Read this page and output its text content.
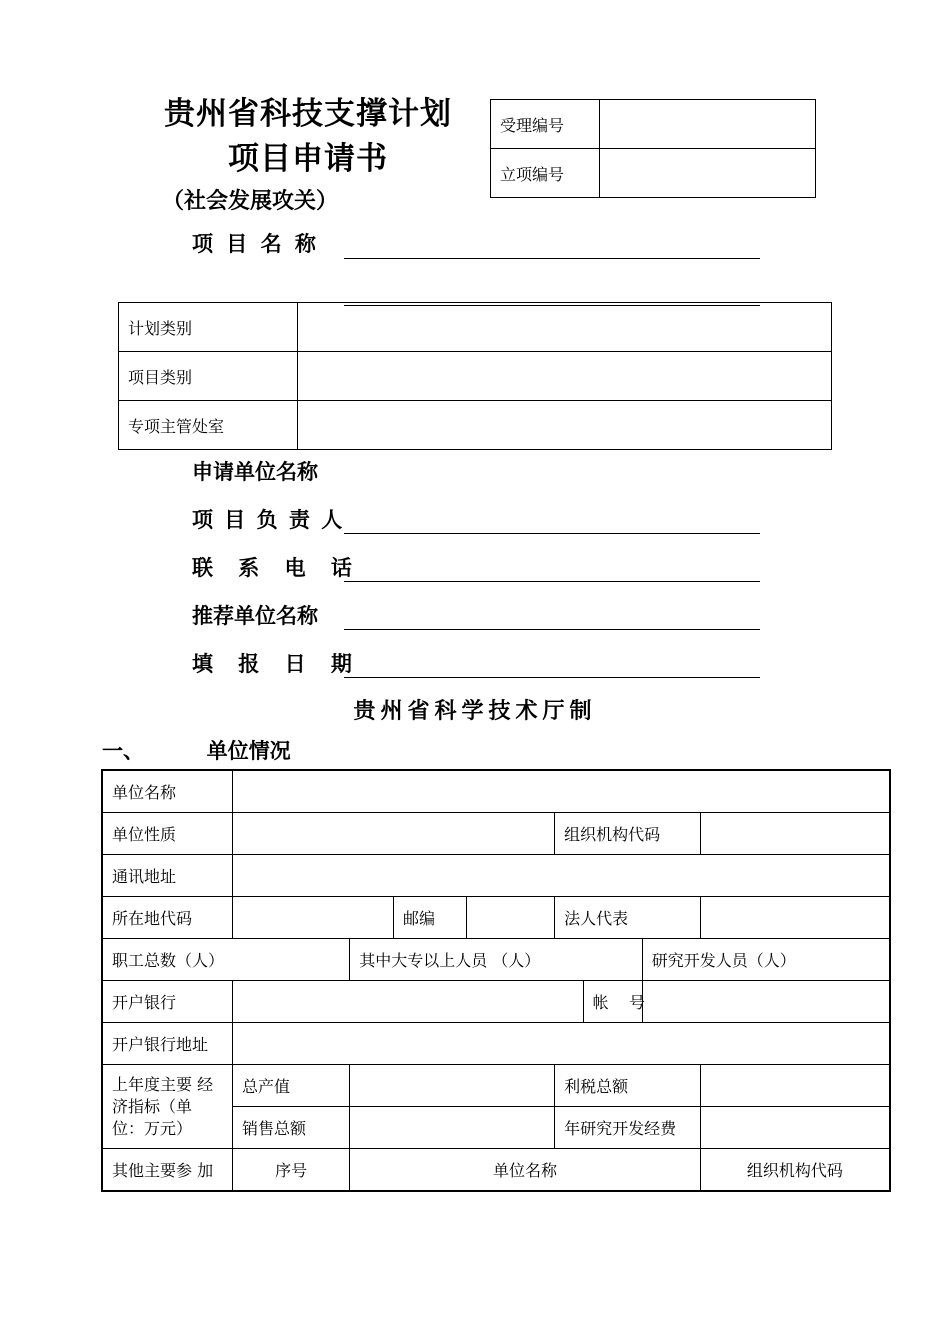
贵州省科技支撑计划
项目申请书
（社会发展攻关）
受理编号	
立项编号	
项 目 名 称
计划类别	
项目类别	
专项主管处室	
申请单位名称
项 目 负 责 人
联 系 电 话
推荐单位名称
填 报 日 期
贵州省科学技术厅制
一、	单位情况
单位名称								
单位性质					组织机构代码			
通讯地址								
所在地代码			邮编		法人代表			
职工总数（人）		其中大专以上人员 （人）					研究开发人员（人）	
开户银行						帐    号		
开户银行地址								
上年度主要 经济指标（单位：万元）	总产值				利税总额			
	销售总额				年研究开发经费			
其他主要参 加	序号	单位名称						组织机构代码
